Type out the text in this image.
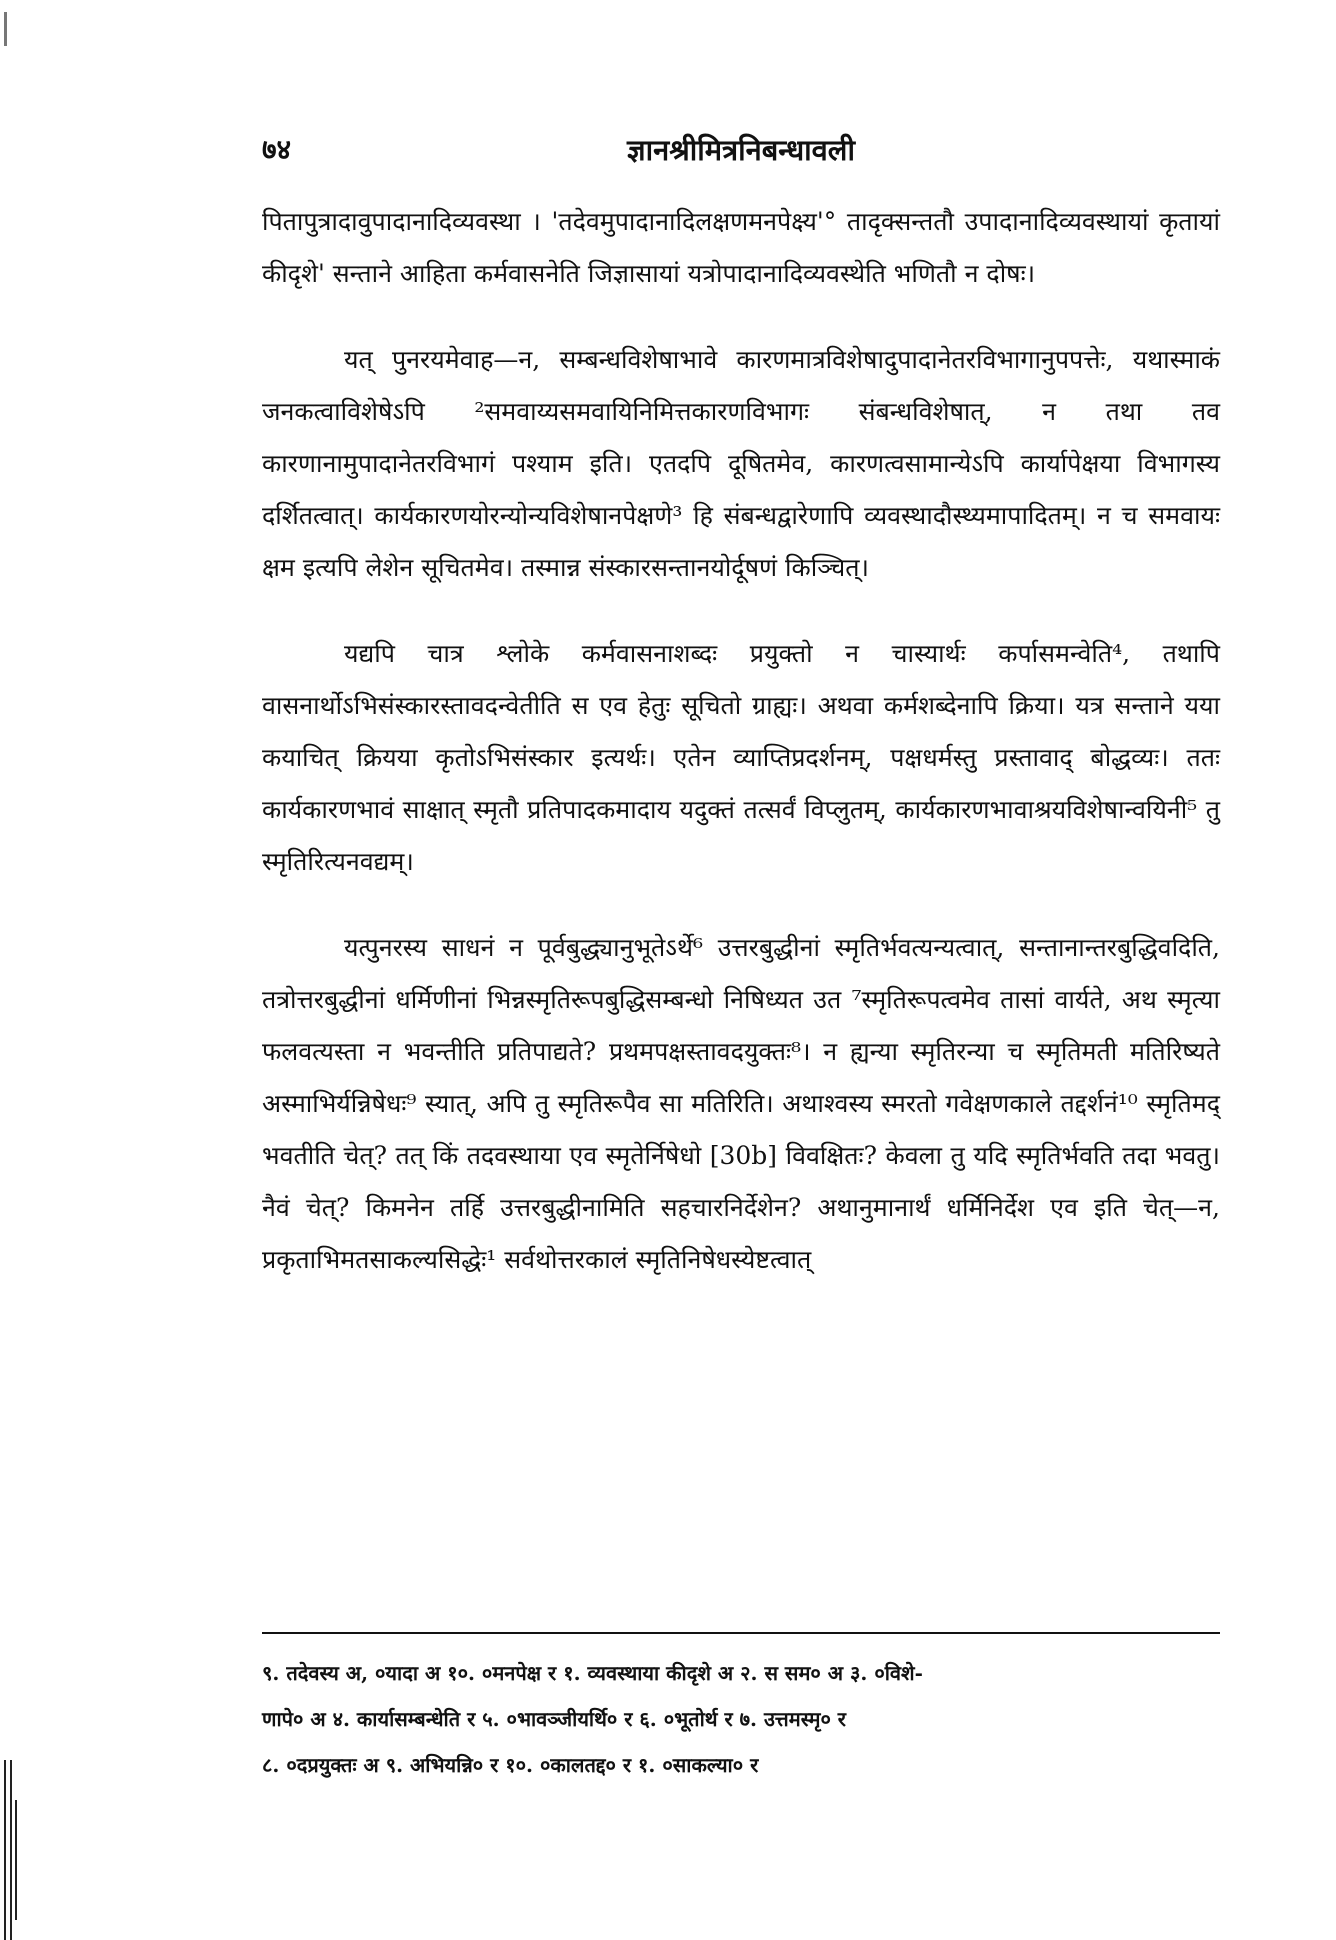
७४	ज्ञानश्रीमित्रनिबन्धावली

पितापुत्रादावुपादानादिव्यवस्था । 'तदेवमुपादानादिलक्षणमनपेक्ष्य'° तादृक्सन्ततौ उपादानादिव्यवस्थायां कृतायां कीदृशे' सन्ताने आहिता कर्मवासनेति जिज्ञासायां यत्रोपादानादिव्यवस्थेति भणितौ न दोषः।

यत् पुनरयमेवाह—न, सम्बन्धविशेषाभावे कारणमात्रविशेषादुपादानेतरविभागानुपपत्तेः, यथास्माकं जनकत्वाविशेषेऽपि ²समवाय्यसमवायिनिमित्तकारणविभागः संबन्धविशेषात्, न तथा तव कारणानामुपादानेतरविभागं पश्याम इति। एतदपि दूषितमेव, कारणत्वसामान्येऽपि कार्यापेक्षया विभागस्य दर्शितत्वात्। कार्यकारणयोरन्योन्यविशेषानपेक्षणे³ हि संबन्धद्वारेणापि व्यवस्थादौस्थ्यमापादितम्। न च समवायः क्षम इत्यपि लेशेन सूचितमेव। तस्मान्न संस्कारसन्तानयोर्दूषणं किञ्चित्।

यद्यपि चात्र श्लोके कर्मवासनाशब्दः प्रयुक्तो न चास्यार्थः कर्पासमन्वेति⁴, तथापि वासनार्थोऽभिसंस्कारस्तावदन्वेतीति स एव हेतुः सूचितो ग्राह्यः। अथवा कर्मशब्देनापि क्रिया। यत्र सन्ताने यया कयाचित् क्रियया कृतोऽभिसंस्कार इत्यर्थः। एतेन व्याप्तिप्रदर्शनम्, पक्षधर्मस्तु प्रस्तावाद् बोद्धव्यः। ततः कार्यकारणभावं साक्षात् स्मृतौ प्रतिपादकमादाय यदुक्तं तत्सर्वं विप्लुतम्, कार्यकारणभावाश्रयविशेषान्वयिनी⁵ तु स्मृतिरित्यनवद्यम्।

यत्पुनरस्य साधनं न पूर्वबुद्ध्यानुभूतेऽर्थे⁶ उत्तरबुद्धीनां स्मृतिर्भवत्यन्यत्वात्, सन्तानान्तरबुद्धिवदिति, तत्रोत्तरबुद्धीनां धर्मिणीनां भिन्नस्मृतिरूपबुद्धिसम्बन्धो निषिध्यत उत ⁷स्मृतिरूपत्वमेव तासां वार्यते, अथ स्मृत्या फलवत्यस्ता न भवन्तीति प्रतिपाद्यते? प्रथमपक्षस्तावदयुक्तः⁸। न ह्यन्या स्मृतिरन्या च स्मृतिमती मतिरिष्यते अस्माभिर्यन्निषेधः⁹ स्यात्, अपि तु स्मृतिरूपैव सा मतिरिति। अथाश्वस्य स्मरतो गवेक्षणकाले तद्दर्शनं¹⁰ स्मृतिमद् भवतीति चेत्? तत् किं तदवस्थाया एव स्मृतेर्निषेधो [30b] विवक्षितः? केवला तु यदि स्मृतिर्भवति तदा भवतु। नैवं चेत्? किमनेन तर्हि उत्तरबुद्धीनामिति सहचारनिर्देशेन? अथानुमानार्थं धर्मिनिर्देश एव इति चेत्—न, प्रकृताभिमतसाकल्यसिद्धेः¹ सर्वथोत्तरकालं स्मृतिनिषेधस्येष्टत्वात्

९. तदेवस्य अ, ०यादा अ १०. ०मनपेक्ष र १. व्यवस्थाया कीदृशे अ २. स सम० अ ३. ०विशे-

णापे० अ ४. कार्यासम्बन्धेति र ५. ०भावञ्जीयर्थि० र ६. ०भूतोर्थ र ७. उत्तमस्मृ० र

८. ०दप्रयुक्तः अ ९. अभियन्नि० र १०. ०कालतद्द० र १. ०साकल्या० र
